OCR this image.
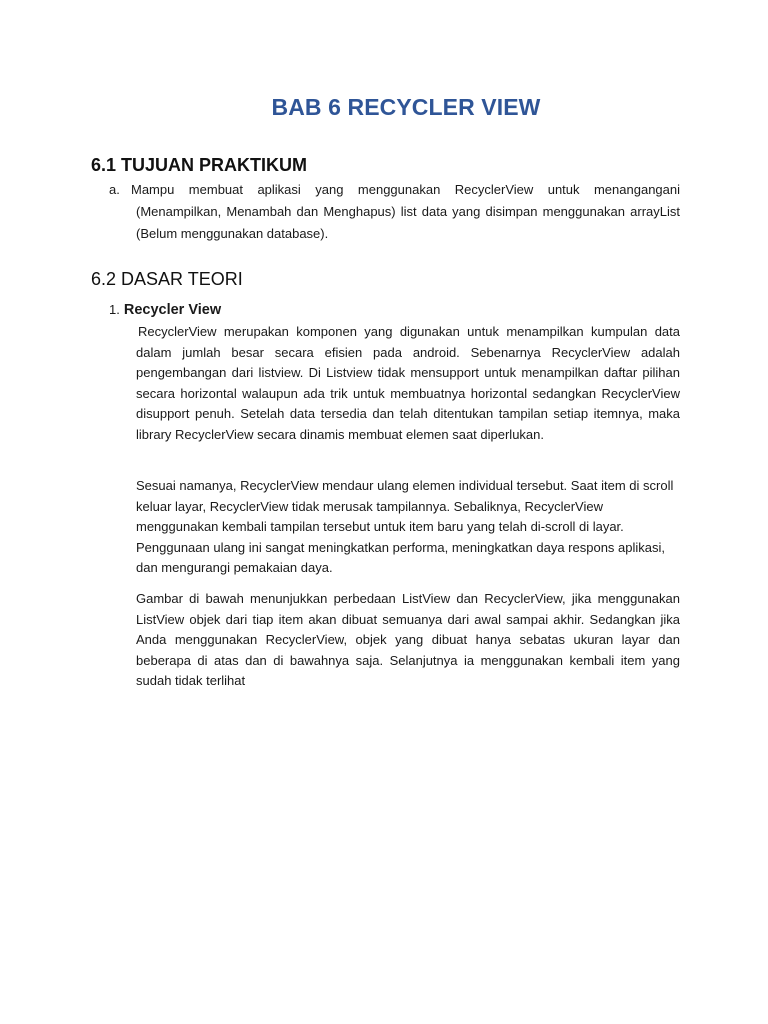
BAB 6 RECYCLER VIEW
6.1 TUJUAN PRAKTIKUM
a. Mampu membuat aplikasi yang menggunakan RecyclerView untuk menangangani (Menampilkan, Menambah dan Menghapus) list data yang disimpan menggunakan arrayList (Belum menggunakan database).
6.2 DASAR TEORI
1. Recycler View

RecyclerView merupakan komponen yang digunakan untuk menampilkan kumpulan data dalam jumlah besar secara efisien pada android. Sebenarnya RecyclerView adalah pengembangan dari listview. Di Listview tidak mensupport untuk menampilkan daftar pilihan secara horizontal walaupun ada trik untuk membuatnya horizontal sedangkan RecyclerView disupport penuh. Setelah data tersedia dan telah ditentukan tampilan setiap itemnya, maka library RecyclerView secara dinamis membuat elemen saat diperlukan.

Sesuai namanya, RecyclerView mendaur ulang elemen individual tersebut. Saat item di scroll keluar layar, RecyclerView tidak merusak tampilannya. Sebaliknya, RecyclerView menggunakan kembali tampilan tersebut untuk item baru yang telah di-scroll di layar. Penggunaan ulang ini sangat meningkatkan performa, meningkatkan daya respons aplikasi, dan mengurangi pemakaian daya.

Gambar di bawah menunjukkan perbedaan ListView dan RecyclerView, jika menggunakan ListView objek dari tiap item akan dibuat semuanya dari awal sampai akhir. Sedangkan jika Anda menggunakan RecyclerView, objek yang dibuat hanya sebatas ukuran layar dan beberapa di atas dan di bawahnya saja. Selanjutnya ia menggunakan kembali item yang sudah tidak terlihat
